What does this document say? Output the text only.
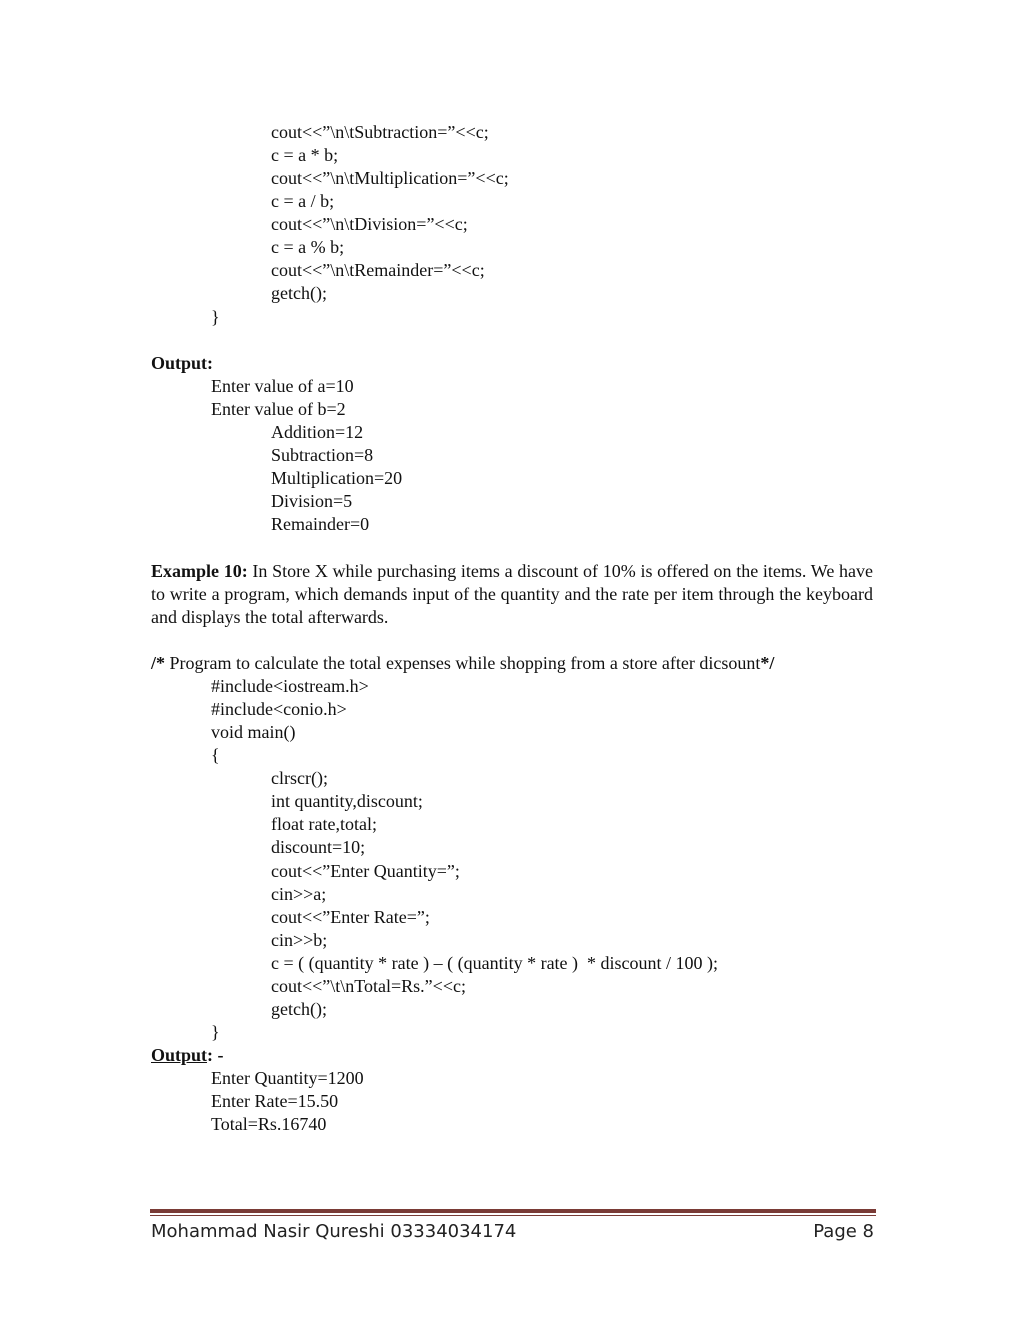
cout<<”\n\tSubtraction=”<<c;
c = a * b;
cout<<”\n\tMultiplication=”<<c;
c = a / b;
cout<<”\n\tDivision=”<<c;
c = a % b;
cout<<”\n\tRemainder=”<<c;
getch();
}
Output:
Enter value of a=10
Enter value of b=2
Addition=12
Subtraction=8
Multiplication=20
Division=5
Remainder=0
Example 10: In Store X while purchasing items a discount of 10% is offered on the items. We have to write a program, which demands input of the quantity and the rate per item through the keyboard and displays the total afterwards.
/* Program to calculate the total expenses while shopping from a store after dicsount*/
#include<iostream.h>
#include<conio.h>
void main()
{
clrscr();
int quantity,discount;
float rate,total;
discount=10;
cout<<”Enter Quantity=”;
cin>>a;
cout<<”Enter Rate=”;
cin>>b;
c = ( (quantity * rate ) – ( (quantity * rate )  * discount / 100 );
cout<<”\t\nTotal=Rs.”<<c;
getch();
}
Output: -
Enter Quantity=1200
Enter Rate=15.50
Total=Rs.16740
Mohammad Nasir Qureshi 03334034174	Page 8
